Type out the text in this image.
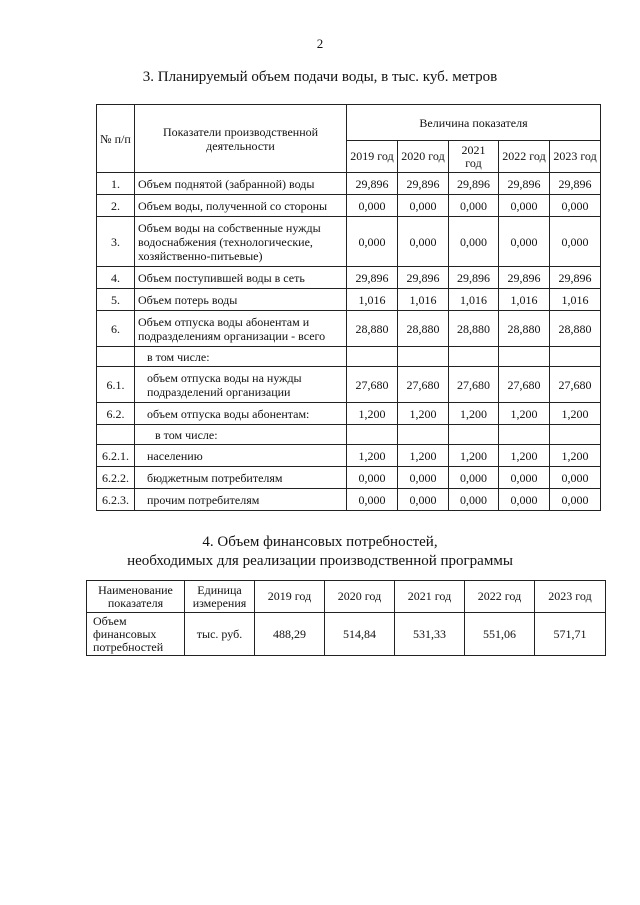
2
3. Планируемый объем подачи воды, в тыс. куб. метров
№ п/п	Показатели производственной деятельности	Величина показателя				
		2019 год	2020 год	2021 год	2022 год	2023 год
1.	Объем поднятой (забранной) воды	29,896	29,896	29,896	29,896	29,896
2.	Объем воды, полученной со стороны	0,000	0,000	0,000	0,000	0,000
3.	Объем воды на собственные нужды водоснабжения (технологические, хозяйственно-питьевые)	0,000	0,000	0,000	0,000	0,000
4.	Объем поступившей воды в сеть	29,896	29,896	29,896	29,896	29,896
5.	Объем потерь воды	1,016	1,016	1,016	1,016	1,016
6.	Объем отпуска воды абонентам и подразделениям организации - всего	28,880	28,880	28,880	28,880	28,880
	в том числе:					
6.1.	объем отпуска воды на нужды подразделений организации	27,680	27,680	27,680	27,680	27,680
6.2.	объем отпуска воды абонентам:	1,200	1,200	1,200	1,200	1,200
	в том числе:					
6.2.1.	населению	1,200	1,200	1,200	1,200	1,200
6.2.2.	бюджетным потребителям	0,000	0,000	0,000	0,000	0,000
6.2.3.	прочим потребителям	0,000	0,000	0,000	0,000	0,000
4. Объем финансовых потребностей,
необходимых для реализации производственной программы
Наименование показателя	Единица измерения	2019 год	2020 год	2021 год	2022 год	2023 год
Объем финансовых потребностей	тыс. руб.	488,29	514,84	531,33	551,06	571,71
